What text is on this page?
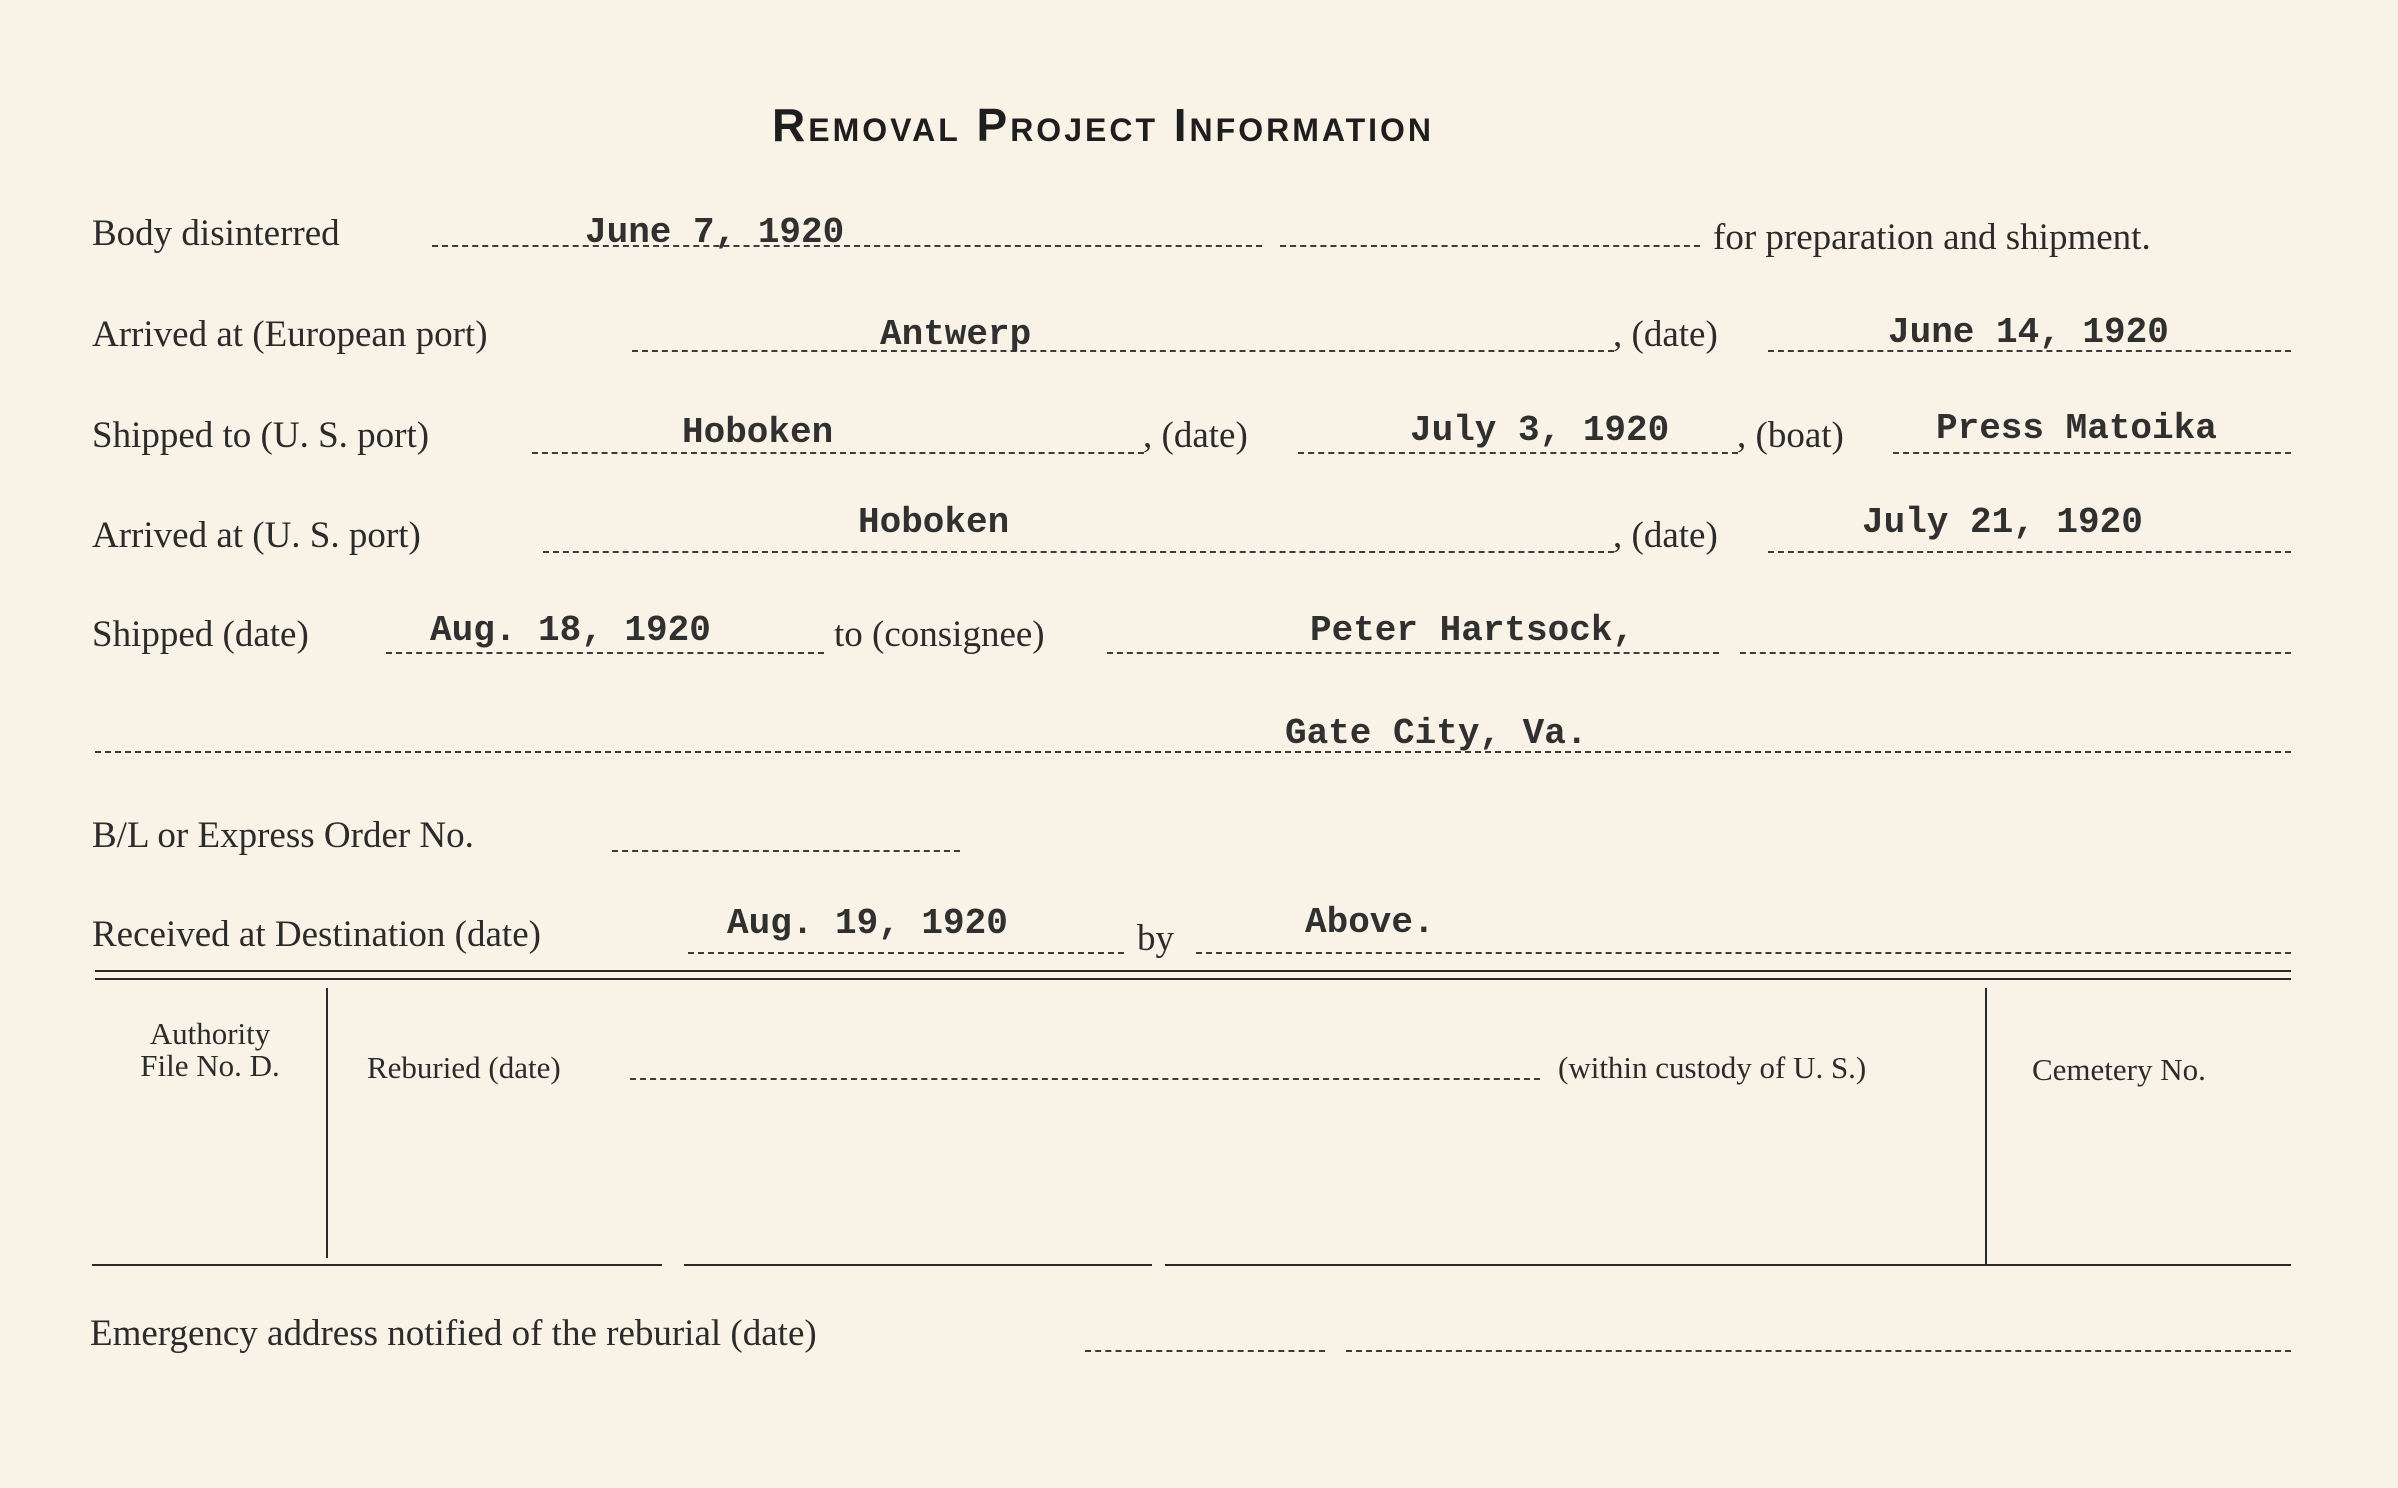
Removal Project Information
Body disinterred	June 7, 1920	for preparation and shipment.
Arrived at (European port)	Antwerp	, (date)	June 14, 1920
Shipped to (U. S. port)	Hoboken	, (date)	July 3, 1920 , (boat)	Press Matoika
Arrived at (U. S. port)	Hoboken	, (date)	July 21, 1920
Shipped (date)	Aug. 18, 1920	to (consignee)	Peter Hartsock,
Gate City, Va.
B/L or Express Order No.
Received at Destination (date)	Aug. 19, 1920	by	Above.
Authority
File No. D.	Reburied (date)	(within custody of U. S.)	Cemetery No.
Emergency address notified of the reburial (date)
